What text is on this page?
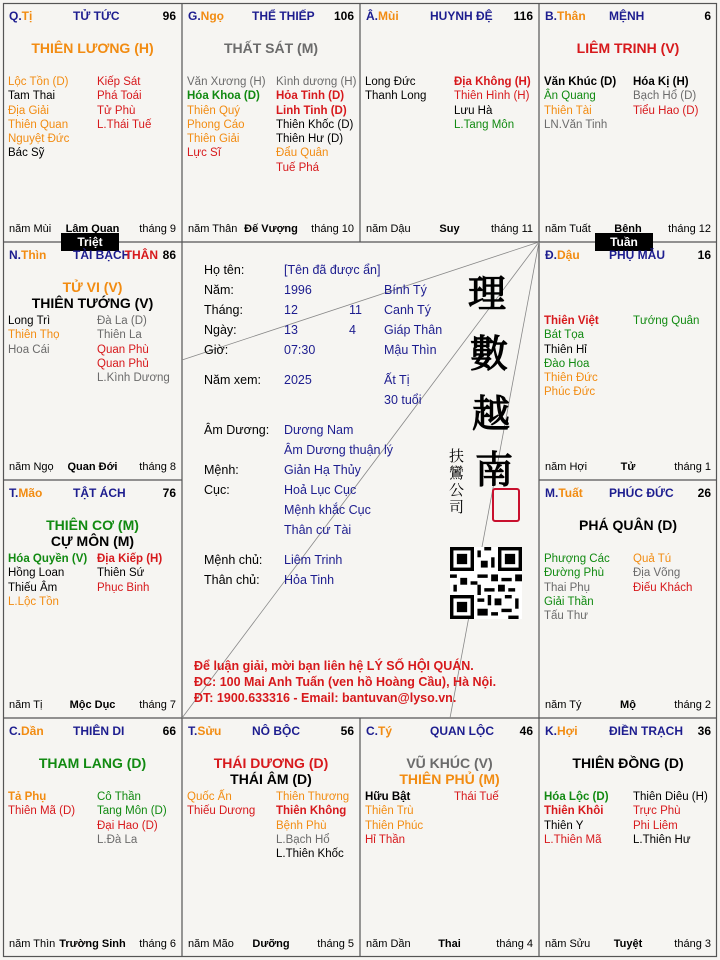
Triệt	Tuần
Q.Tị	TỬ TỨC	96
THIÊN LƯƠNG (H)
Lộc Tồn (D)
Tam Thai
Địa Giải
Thiên Quan
Nguyệt Đức
Bác Sỹ
Kiếp Sát
Phá Toái
Tử Phù
L.Thái Tuế
năm Mùi	Lâm Quan	tháng 9
G.Ngọ THỂ THIẾP 106
THẤT SÁT (M)
Văn Xương (H)
Hóa Khoa (D)
Thiên Quý
Phong Cáo
Thiên Giải
Lực Sĩ
Kình dương (H)
Hỏa Tinh (D)
Linh Tinh (D)
Thiên Khốc (D)
Thiên Hư (D)
Đẩu Quân
Tuế Phá
năm Thân Đế Vượng	tháng 10
Â.Mùi	HUYNH ĐỆ 116
Long Đức
Thanh Long
Địa Không (H)
Thiên Hình (H)
Lưu Hà
L.Tang Môn
năm Dậu	Suy	tháng 11
B.Thân MỆNH	6
LIÊM TRINH (V)
Văn Khúc (D)
Ân Quang
Thiên Tài
LN.Văn Tinh
Hóa Kị (H)
Bạch Hổ (D)
Tiểu Hao (D)
năm Tuất	Bệnh	tháng 12
N.Thìn TÀI BẠCH
THÂN 86
TỬ VI (V)
THIÊN TƯỚNG (V)
Long Trì
Thiên Thọ
Hoa Cái
Đà La (D)
Thiên La
Quan Phù
Quan Phủ
L.Kình Dương
năm Ngọ	Quan Đới	tháng 8
Đ.Dậu PHỤ MẪU	16
Thiên Việt
Bát Tọa
Thiên Hỉ
Đào Hoa
Thiên Đức
Phúc Đức
Tướng Quân
năm Hợi	Tử	tháng 1
T.Mão	TẬT ÁCH	76
THIÊN CƠ (M)
CỰ MÔN (M)
Hóa Quyền (V)
Hồng Loan
Thiếu Âm
L.Lộc Tồn
Địa Kiếp (H)
Thiên Sứ
Phục Binh
năm Tị	Mộc Dục	tháng 7
M.Tuất PHÚC ĐỨC 26
PHÁ QUÂN (D)
Phượng Các
Đường Phù
Thai Phụ
Giải Thần
Tấu Thư
Quả Tú
Địa Võng
Điếu Khách
năm Tý	Mộ	tháng 2
C.Dần THIÊN DI	66
THAM LANG (D)
Tả Phụ
Thiên Mã (D)
Cô Thần
Tang Môn (D)
Đại Hao (D)
L.Đà La
năm Thìn Trường Sinh	tháng 6
T.Sửu	NÔ BỘC	56
THÁI DƯƠNG (D)
THÁI ÂM (D)
Quốc Ấn
Thiếu Dương
Thiên Thương
Thiên Không
Bệnh Phù
L.Bạch Hổ
L.Thiên Khốc
năm Mão	Dưỡng	tháng 5
C.Tý	QUAN LỘC 46
VŨ KHÚC (V)
THIÊN PHỦ (M)
Hữu Bật
Thiên Trù
Thiên Phúc
Hỉ Thần
Thái Tuế
năm Dần	Thai	tháng 4
K.Hợi	ĐIỀN TRẠCH 36
THIÊN ĐỒNG (D)
Hóa Lộc (D)
Thiên Khôi
Thiên Y
L.Thiên Mã
Thiên Diêu (H)
Trực Phù
Phi Liêm
L.Thiên Hư
năm Sửu	Tuyệt	tháng 3
Họ tên:	[Tên đã được ẩn]
Năm:	1996	Bính Tý
Tháng:	12	11 Canh Tý
Ngày:	13	4 Giáp Thân
Giờ:	07:30	Mậu Thìn
Năm xem: 2025	Ất Tị
30 tuổi
Âm Dương: Dương Nam
Âm Dương thuận lý
Mệnh:	Giản Hạ Thủy
Cục:	Hoả Lục Cục
Mệnh khắc Cục
Thân cư Tài
Mệnh chủ: Liêm Trinh
Thân chủ: Hỏa Tinh
理
數
越
南
扶
鸞
公
司
Để luận giải, mời bạn liên hệ LÝ SỐ HỘI QUÁN.
ĐC: 100 Mai Anh Tuấn (ven hồ Hoàng Cầu), Hà Nội.
ĐT: 1900.633316 - Email: bantuvan@lyso.vn.
